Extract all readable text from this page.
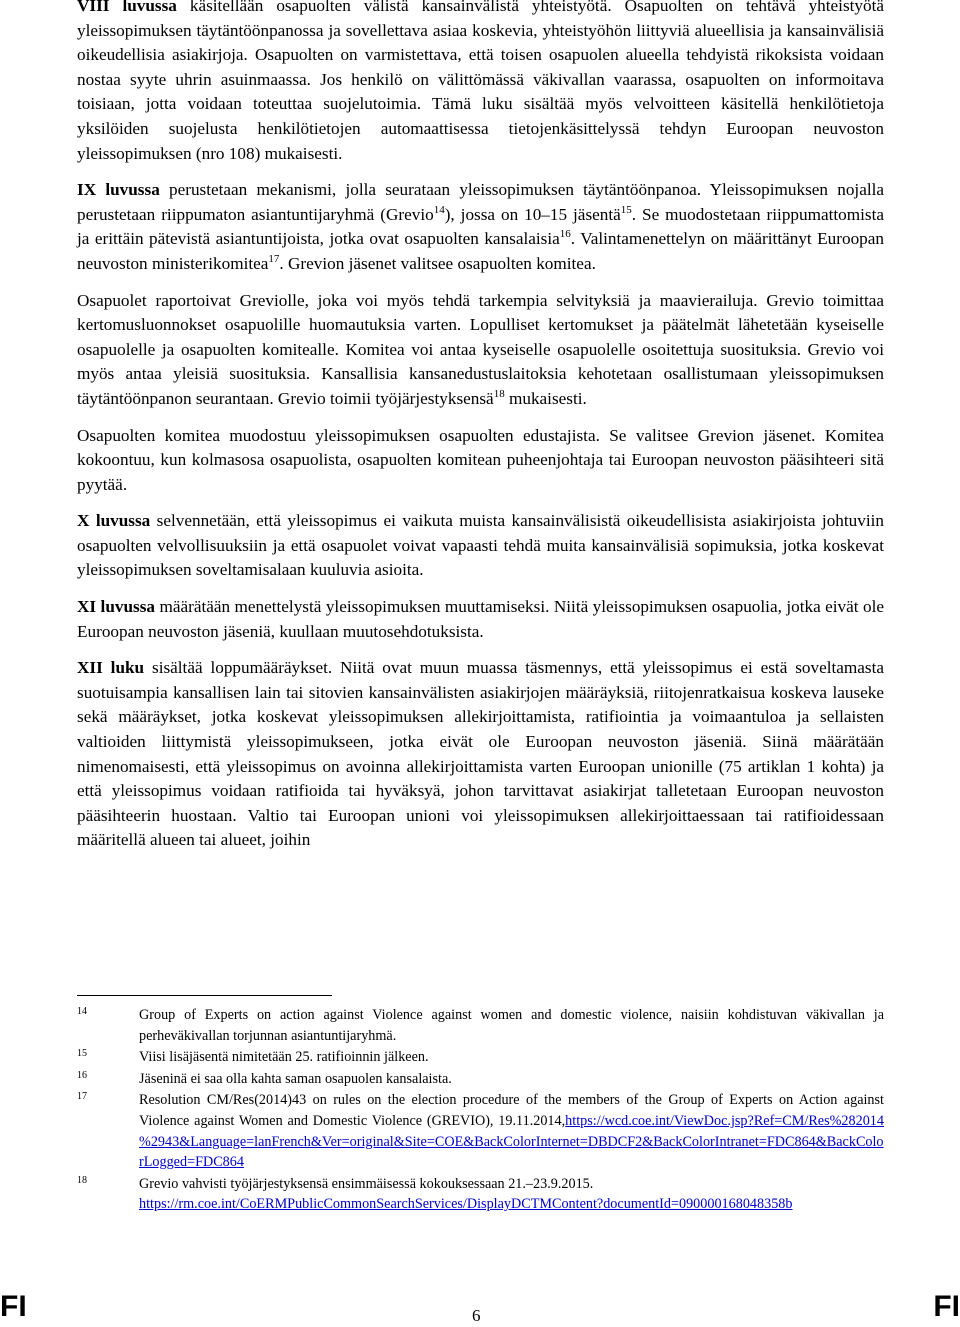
VIII luvussa käsitellään osapuolten välistä kansainvälistä yhteistyötä. Osapuolten on tehtävä yhteistyötä yleissopimuksen täytäntöönpanossa ja sovellettava asiaa koskevia, yhteistyöhön liittyviä alueellisia ja kansainvälisiä oikeudellisia asiakirjoja. Osapuolten on varmistettava, että toisen osapuolen alueella tehdyistä rikoksista voidaan nostaa syyte uhrin asuinmaassa. Jos henkilö on välittömässä väkivallan vaarassa, osapuolten on informoitava toisiaan, jotta voidaan toteuttaa suojelutoimia. Tämä luku sisältää myös velvoitteen käsitellä henkilötietoja yksilöiden suojelusta henkilötietojen automaattisessa tietojenkäsittelyssä tehdyn Euroopan neuvoston yleissopimuksen (nro 108) mukaisesti.

IX luvussa perustetaan mekanismi, jolla seurataan yleissopimuksen täytäntöönpanoa. Yleissopimuksen nojalla perustetaan riippumaton asiantuntijaryhmä (Grevio$^{14}$), jossa on 10–15 jäsentä$^{15}$. Se muodostetaan riippumattomista ja erittäin pätevistä asiantuntijoista, jotka ovat osapuolten kansalaisia$^{16}$. Valintamenettelyn on määrittänyt Euroopan neuvoston ministerikomitea$^{17}$. Grevion jäsenet valitsee osapuolten komitea.

Osapuolet raportoivat Greviolle, joka voi myös tehdä tarkempia selvityksiä ja maavierailuja. Grevio toimittaa kertomusluonnokset osapuolille huomautuksia varten. Lopulliset kertomukset ja päätelmät lähetetään kyseiselle osapuolelle ja osapuolten komitealle. Komitea voi antaa kyseiselle osapuolelle osoitettuja suosituksia. Grevio voi myös antaa yleisiä suosituksia. Kansallisia kansanedustuslaitoksia kehotetaan osallistumaan yleissopimuksen täytäntöönpanon seurantaan. Grevio toimii työjärjestyksensä$^{18}$ mukaisesti.

Osapuolten komitea muodostuu yleissopimuksen osapuolten edustajista. Se valitsee Grevion jäsenet. Komitea kokoontuu, kun kolmasosa osapuolista, osapuolten komitean puheenjohtaja tai Euroopan neuvoston pääsihteeri sitä pyytää.

X luvussa selvennetään, että yleissopimus ei vaikuta muista kansainvälisistä oikeudellisista asiakirjoista johtuviin osapuolten velvollisuuksiin ja että osapuolet voivat vapaasti tehdä muita kansainvälisiä sopimuksia, jotka koskevat yleissopimuksen soveltamisalaan kuuluvia asioita.

XI luvussa määrätään menettelystä yleissopimuksen muuttamiseksi. Niitä yleissopimuksen osapuolia, jotka eivät ole Euroopan neuvoston jäseniä, kuullaan muutosehdotuksista.

XII luku sisältää loppumääräykset. Niitä ovat muun muassa täsmennys, että yleissopimus ei estä soveltamasta suotuisampia kansallisen lain tai sitovien kansainvälisten asiakirjojen määräyksiä, riitojenratkaisua koskeva lauseke sekä määräykset, jotka koskevat yleissopimuksen allekirjoittamista, ratifiointia ja voimaantuloa ja sellaisten valtioiden liittymistä yleissopimukseen, jotka eivät ole Euroopan neuvoston jäseniä. Siinä määrätään nimenomaisesti, että yleissopimus on avoinna allekirjoittamista varten Euroopan unionille (75 artiklan 1 kohta) ja että yleissopimus voidaan ratifioida tai hyväksyä, johon tarvittavat asiakirjat talletetaan Euroopan neuvoston pääsihteerin huostaan. Valtio tai Euroopan unioni voi yleissopimuksen allekirjoittaessaan tai ratifioidessaan määritellä alueen tai alueet, joihin

14	Group of Experts on action against Violence against women and domestic violence, naisiin kohdistuvan väkivallan ja perheväkivallan torjunnan asiantuntijaryhmä.
15	Viisi lisäjäsentä nimitetään 25. ratifioinnin jälkeen.
16	Jäseninä ei saa olla kahta saman osapuolen kansalaista.
17	Resolution CM/Res(2014)43 on rules on the election procedure of the members of the Group of Experts on Action against Violence against Women and Domestic Violence (GREVIO), 19.11.2014,https://wcd.coe.int/ViewDoc.jsp?Ref=CM/Res%282014 %2943&Language=lanFrench&Ver=original&Site=COE&BackColorInternet=DBDCF2&BackColorIntranet=FDC864&BackColorLogged=FDC864
18	Grevio vahvisti työjärjestyksensä ensimmäisessä kokouksessaan 21.–23.9.2015.
https://rm.coe.int/CoERMPublicCommonSearchServices/DisplayDCTMContent?documentId=090000168048358b
FI	6	FI
